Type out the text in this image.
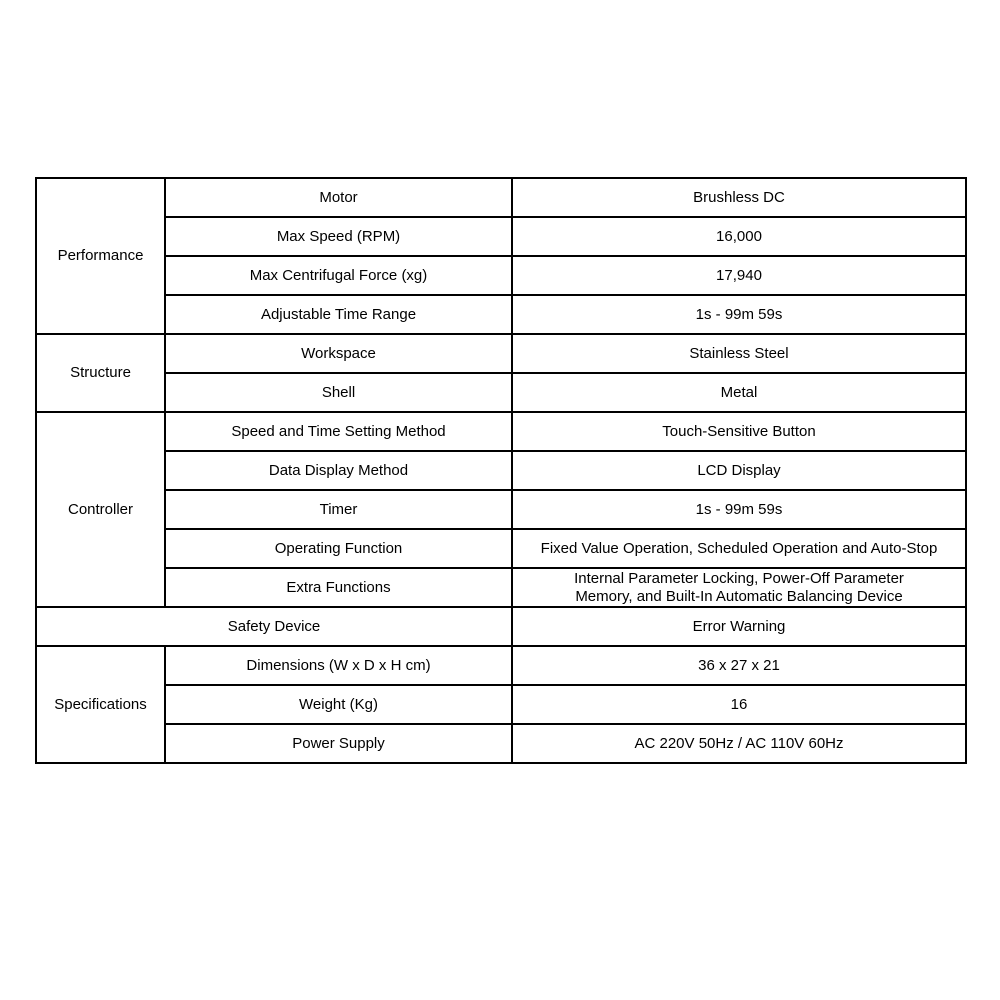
Performance	Motor	Brushless DC
	Max Speed (RPM)	16,000
	Max Centrifugal Force (xg)	17,940
	Adjustable Time Range	1s - 99m 59s
Structure	Workspace	Stainless Steel
	Shell	Metal
Controller	Speed and Time Setting Method	Touch-Sensitive Button
	Data Display Method	LCD Display
	Timer	1s - 99m 59s
	Operating Function	Fixed Value Operation, Scheduled Operation and Auto-Stop
	Extra Functions	Internal Parameter Locking, Power-Off Parameter Memory, and Built-In Automatic Balancing Device
Safety Device		Error Warning
Specifications	Dimensions (W x D x H cm)	36 x 27 x 21
	Weight (Kg)	16
	Power Supply	AC 220V 50Hz / AC 110V 60Hz
